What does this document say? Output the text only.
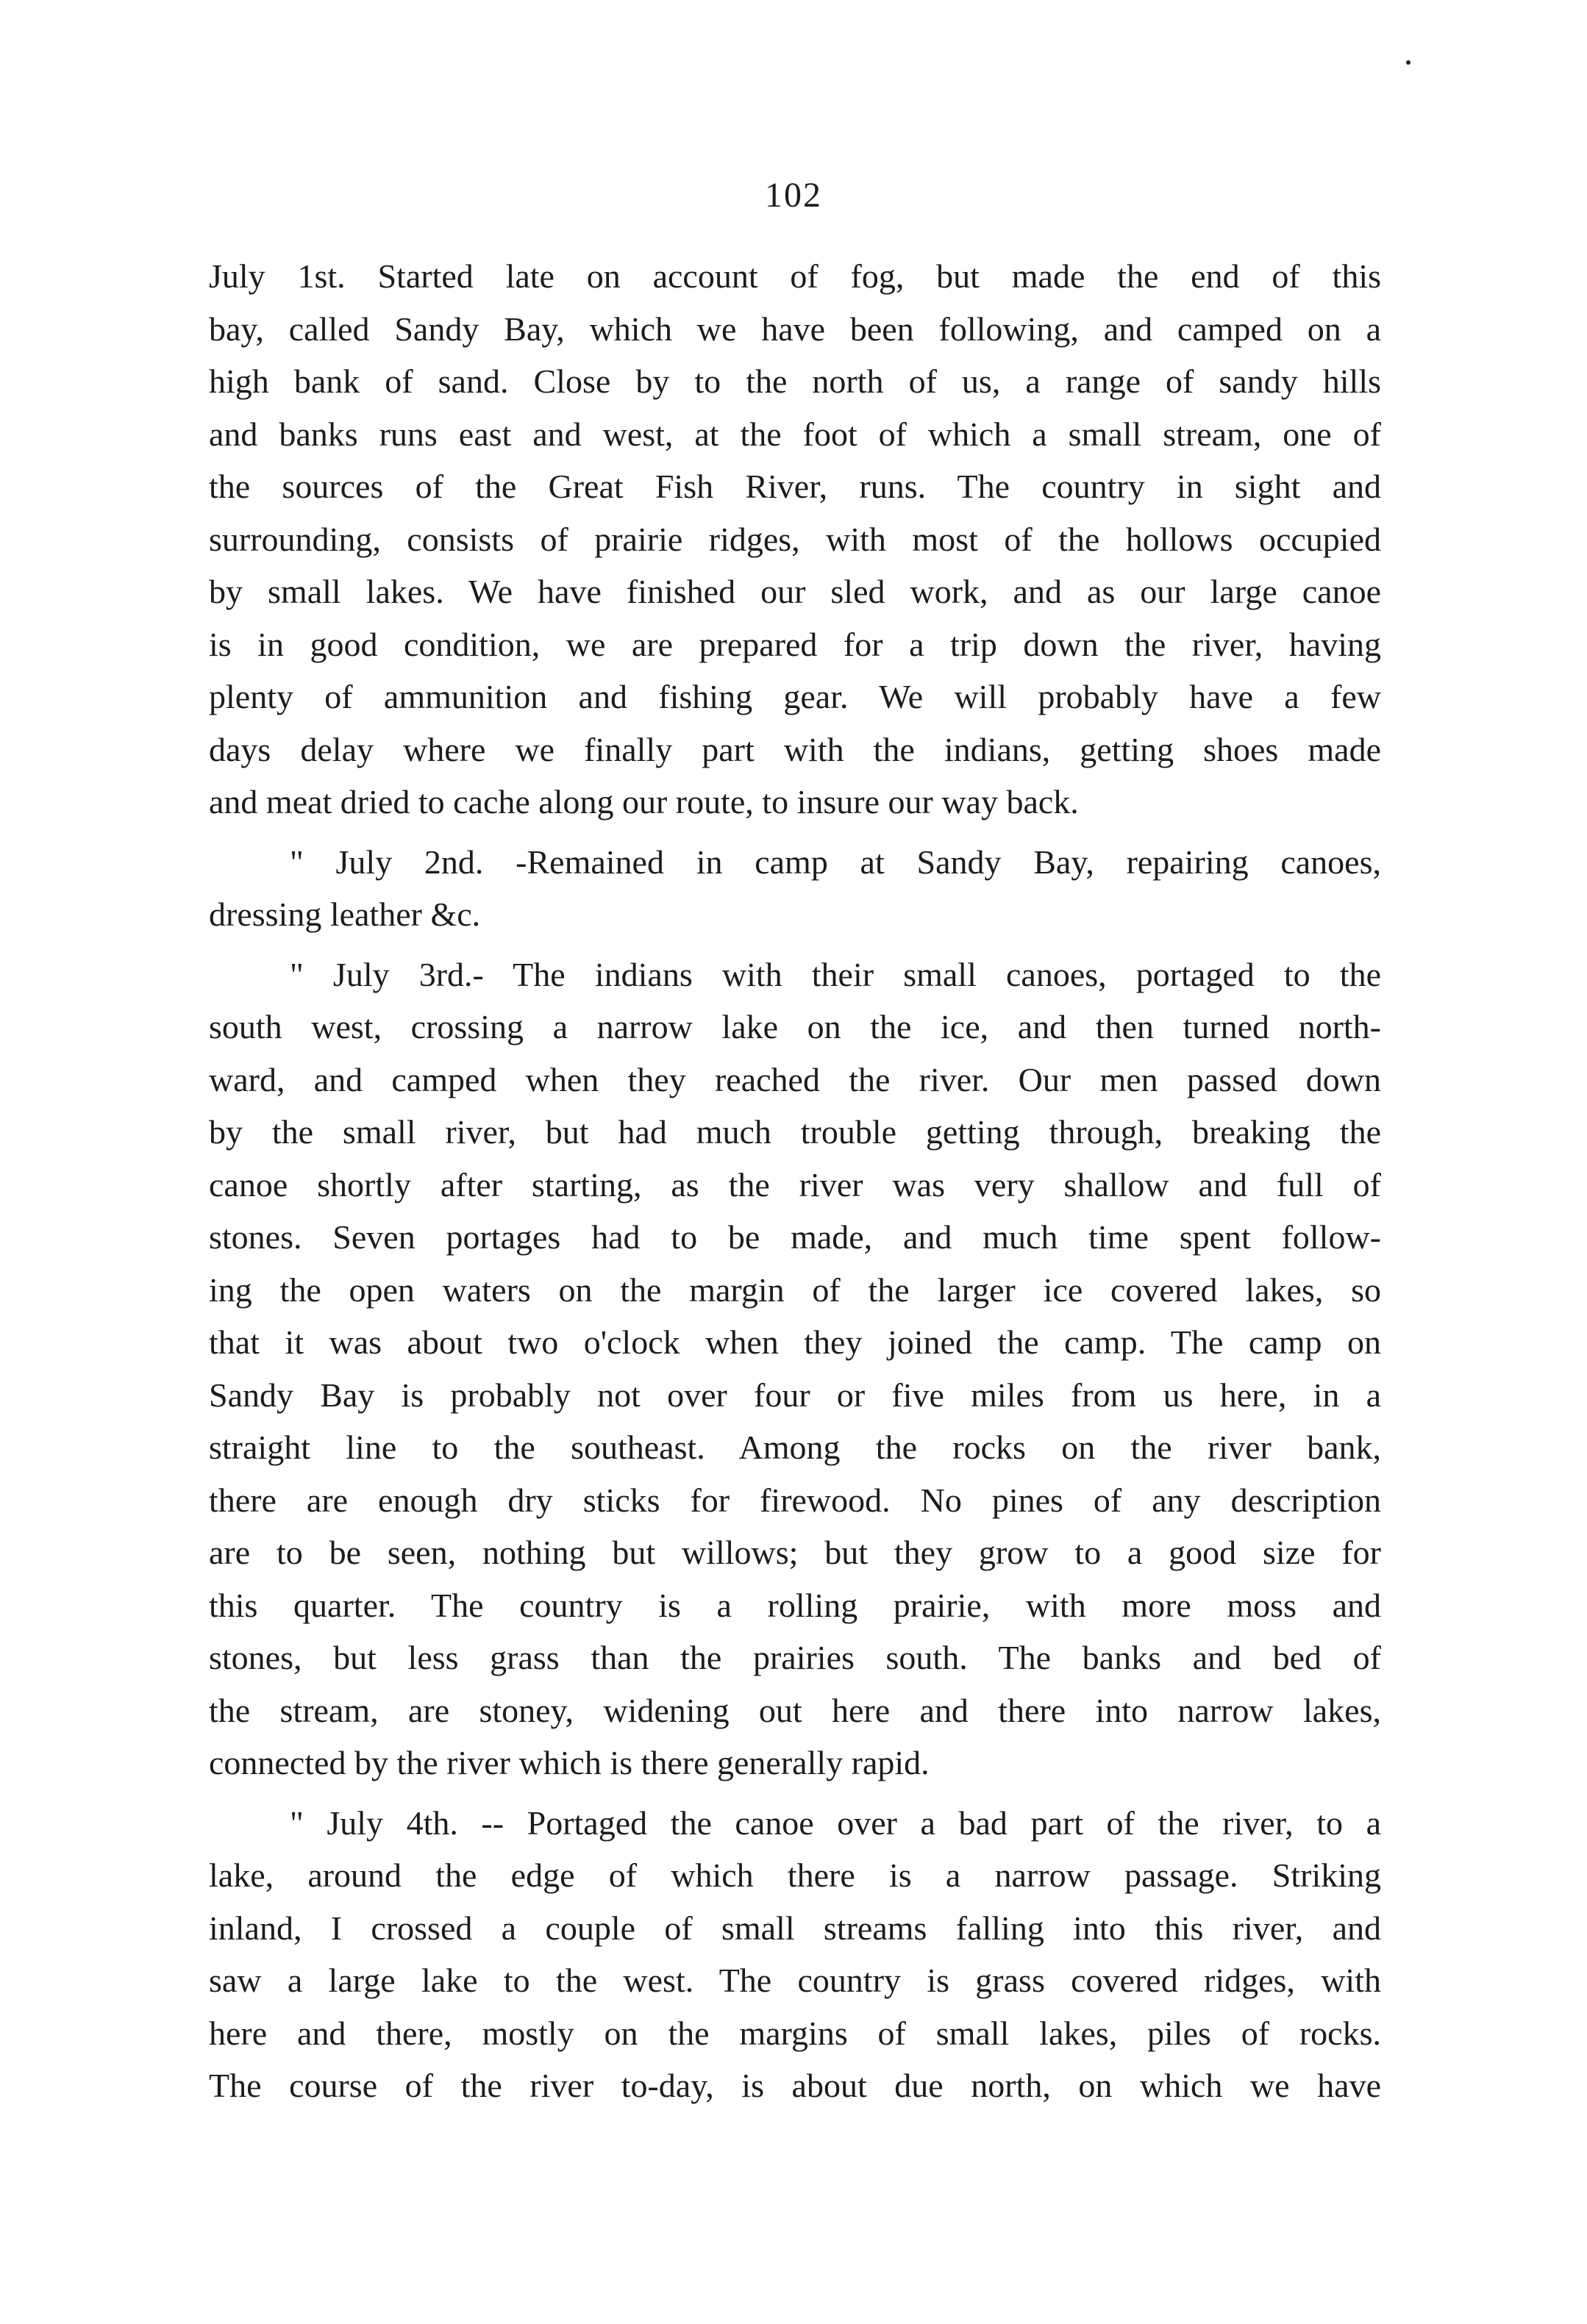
102
July 1st. Started late on account of fog, but made the end of this
bay, called Sandy Bay, which we have been following, and camped on a
high bank of sand. Close by to the north of us, a range of sandy hills
and banks runs east and west, at the foot of which a small stream, one of
the sources of the Great Fish River, runs. The country in sight and
surrounding, consists of prairie ridges, with most of the hollows occupied
by small lakes. We have finished our sled work, and as our large canoe
is in good condition, we are prepared for a trip down the river, having
plenty of ammunition and fishing gear. We will probably have a few
days delay where we finally part with the indians, getting shoes made
and meat dried to cache along our route, to insure our way back.
" July 2nd. -Remained in camp at Sandy Bay, repairing canoes,
dressing leather &c.
" July 3rd.- The indians with their small canoes, portaged to the
south west, crossing a narrow lake on the ice, and then turned north-
ward, and camped when they reached the river. Our men passed down
by the small river, but had much trouble getting through, breaking the
canoe shortly after starting, as the river was very shallow and full of
stones. Seven portages had to be made, and much time spent follow-
ing the open waters on the margin of the larger ice covered lakes, so
that it was about two o'clock when they joined the camp. The camp on
Sandy Bay is probably not over four or five miles from us here, in a
straight line to the southeast. Among the rocks on the river bank,
there are enough dry sticks for firewood. No pines of any description
are to be seen, nothing but willows; but they grow to a good size for
this quarter. The country is a rolling prairie, with more moss and
stones, but less grass than the prairies south. The banks and bed of
the stream, are stoney, widening out here and there into narrow lakes,
connected by the river which is there generally rapid.
" July 4th. -- Portaged the canoe over a bad part of the river, to a
lake, around the edge of which there is a narrow passage. Striking
inland, I crossed a couple of small streams falling into this river, and
saw a large lake to the west. The country is grass covered ridges, with
here and there, mostly on the margins of small lakes, piles of rocks.
The course of the river to-day, is about due north, on which we have
